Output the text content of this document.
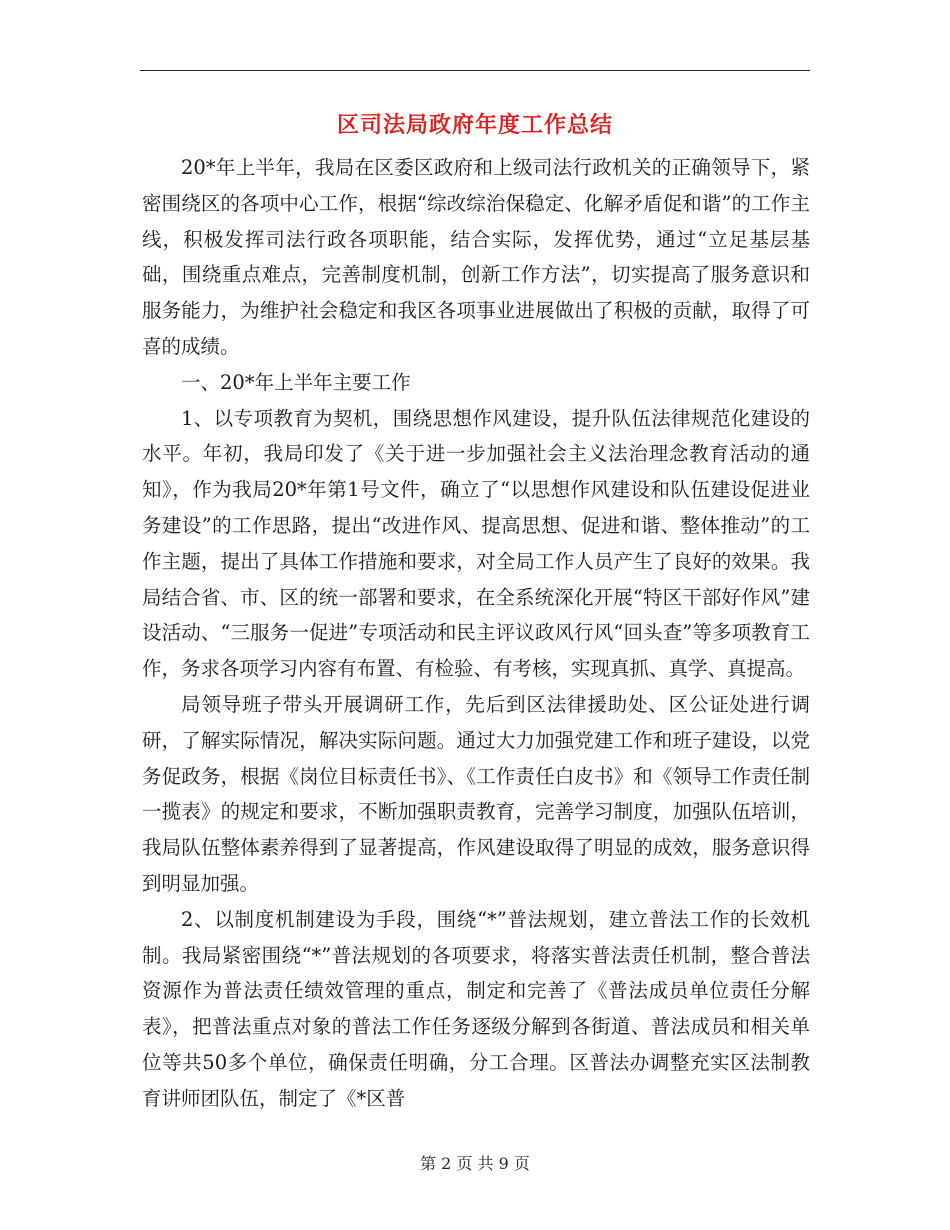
区司法局政府年度工作总结

20*年上半年，我局在区委区政府和上级司法行政机关的正确领导下，紧密围绕区的各项中心工作，根据“综改综治保稳定、化解矛盾促和谐”的工作主线，积极发挥司法行政各项职能，结合实际，发挥优势，通过“立足基层基础，围绕重点难点，完善制度机制，创新工作方法”，切实提高了服务意识和服务能力，为维护社会稳定和我区各项事业进展做出了积极的贡献，取得了可喜的成绩。

一、20*年上半年主要工作

1、以专项教育为契机，围绕思想作风建设，提升队伍法律规范化建设的水平。年初，我局印发了《关于进一步加强社会主义法治理念教育活动的通知》，作为我局20*年第1号文件，确立了“以思想作风建设和队伍建设促进业务建设”的工作思路，提出“改进作风、提高思想、促进和谐、整体推动”的工作主题，提出了具体工作措施和要求，对全局工作人员产生了良好的效果。我局结合省、市、区的统一部署和要求，在全系统深化开展“特区干部好作风”建设活动、“三服务一促进”专项活动和民主评议政风行风“回头查”等多项教育工作，务求各项学习内容有布置、有检验、有考核，实现真抓、真学、真提高。

局领导班子带头开展调研工作，先后到区法律援助处、区公证处进行调研，了解实际情况，解决实际问题。通过大力加强党建工作和班子建设，以党务促政务，根据《岗位目标责任书》、《工作责任白皮书》和《领导工作责任制一揽表》的规定和要求，不断加强职责教育，完善学习制度，加强队伍培训，我局队伍整体素养得到了显著提高，作风建设取得了明显的成效，服务意识得到明显加强。

2、以制度机制建设为手段，围绕“*”普法规划，建立普法工作的长效机制。我局紧密围绕“*”普法规划的各项要求，将落实普法责任机制，整合普法资源作为普法责任绩效管理的重点，制定和完善了《普法成员单位责任分解表》，把普法重点对象的普法工作任务逐级分解到各街道、普法成员和相关单位等共50多个单位，确保责任明确，分工合理。区普法办调整充实区法制教育讲师团队伍，制定了《*区普

第 2 页 共 9 页
